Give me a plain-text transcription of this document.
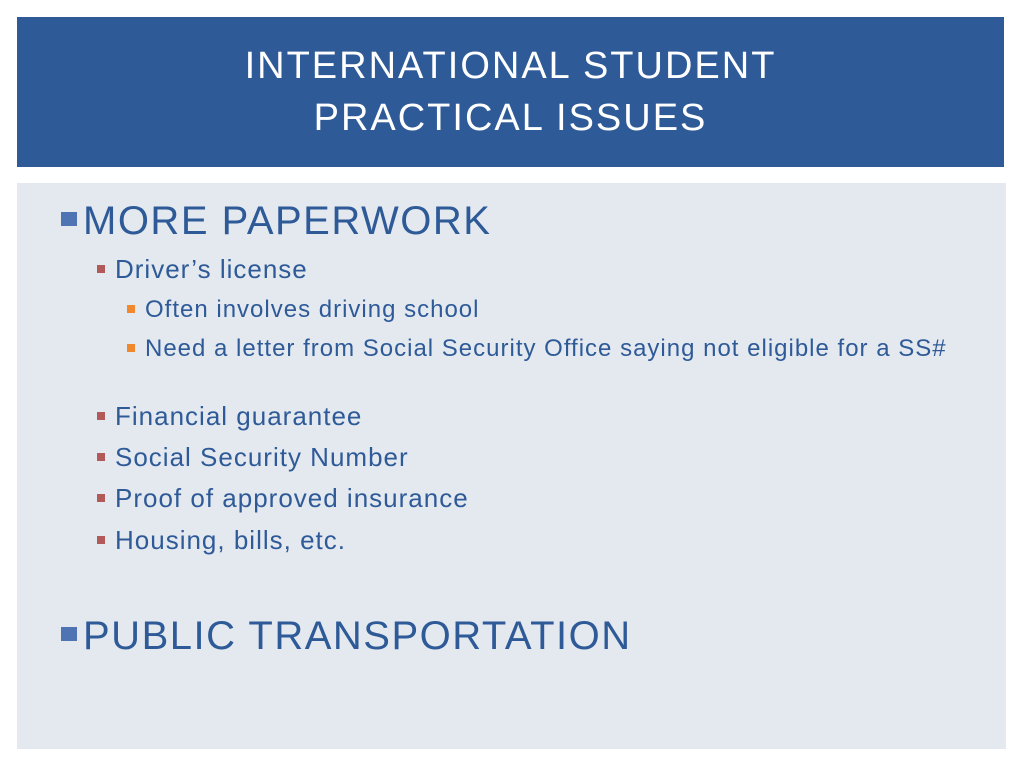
INTERNATIONAL STUDENT
PRACTICAL ISSUES
MORE PAPERWORK
Driver’s license
Often involves driving school
Need a letter from Social Security Office saying not eligible for a SS#
Financial guarantee
Social Security Number
Proof of approved insurance
Housing, bills, etc.
PUBLIC TRANSPORTATION
